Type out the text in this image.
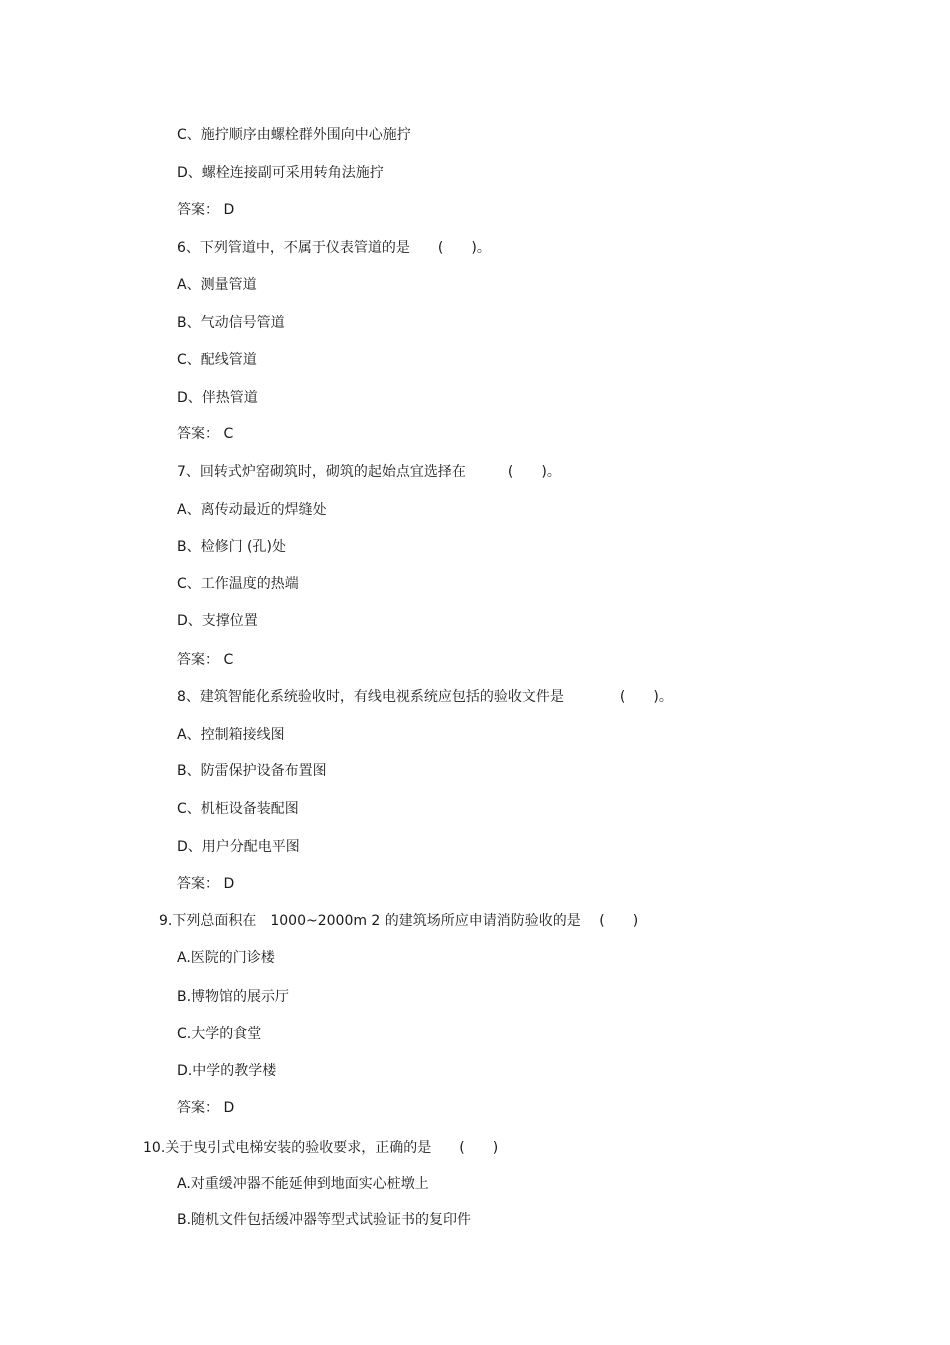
C、施拧顺序由螺栓群外围向中心施拧
D、螺栓连接副可采用转角法施拧
答案： D
6、下列管道中，不属于仪表管道的是　　(　　)。
A、测量管道
B、气动信号管道
C、配线管道
D、伴热管道
答案： C
7、回转式炉窑砌筑时，砌筑的起始点宜选择在　　　(　　)。
A、离传动最近的焊缝处
B、检修门 (孔)处
C、工作温度的热端
D、支撑位置
答案： C
8、建筑智能化系统验收时，有线电视系统应包括的验收文件是　　　　(　　)。
A、控制箱接线图
B、防雷保护设备布置图
C、机柜设备装配图
D、用户分配电平图
答案： D
9.下列总面积在　1000~2000m 2 的建筑场所应申请消防验收的是　 (　　)
A.医院的门诊楼
B.博物馆的展示厅
C.大学的食堂
D.中学的教学楼
答案： D
10.关于曳引式电梯安装的验收要求，正确的是　　(　　)
A.对重缓冲器不能延伸到地面实心桩墩上
B.随机文件包括缓冲器等型式试验证书的复印件
